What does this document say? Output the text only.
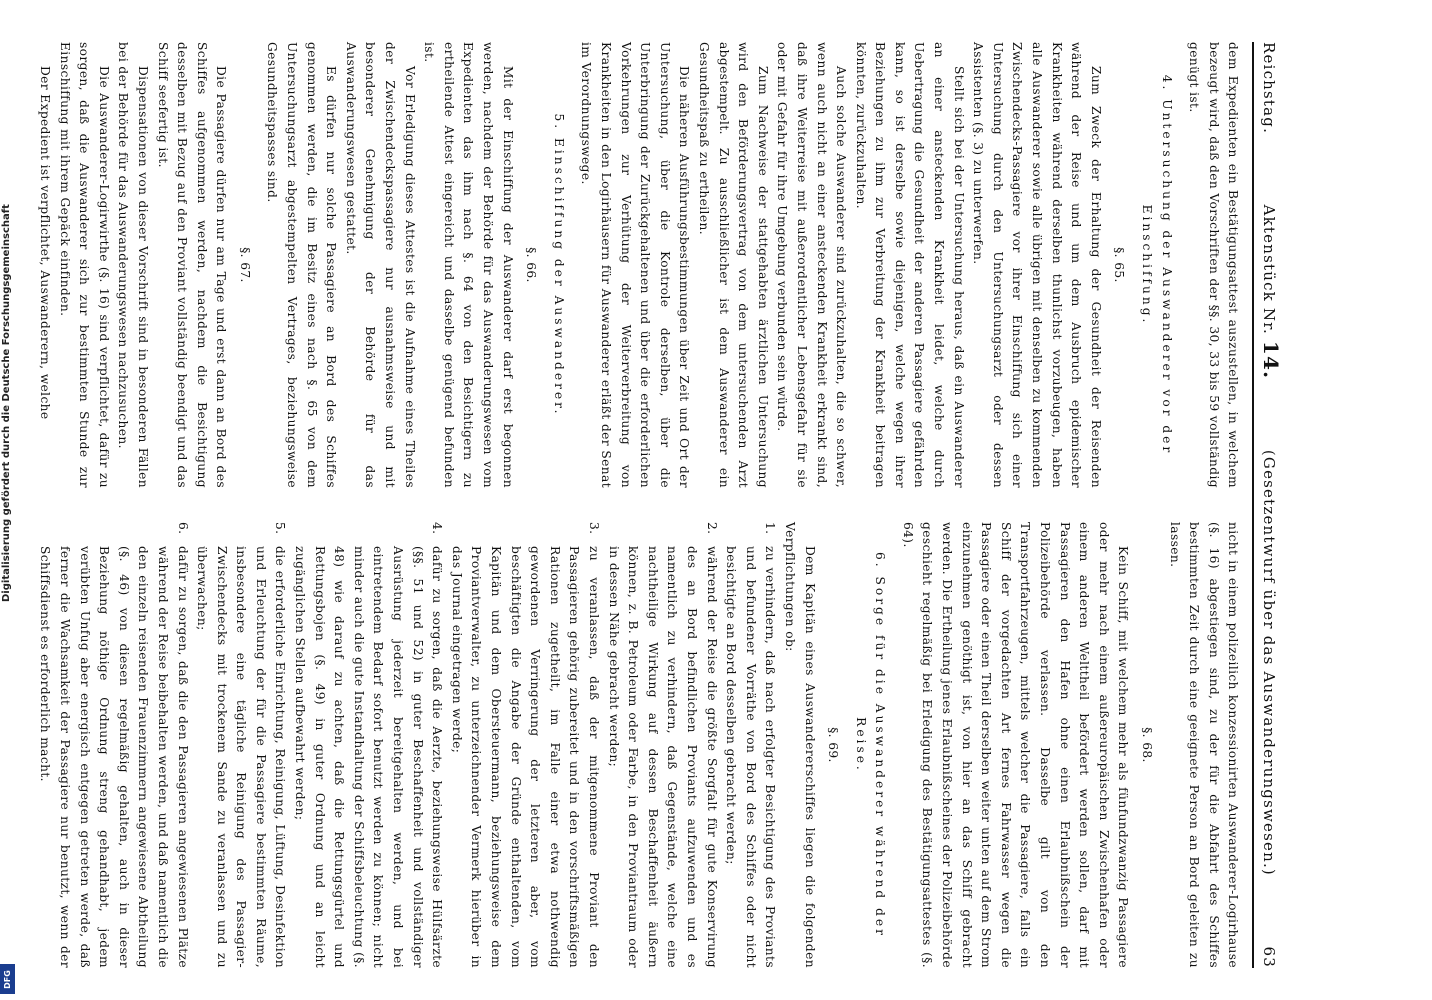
Reichstag.
Aktenstück Nr. 14.
(Gesetzentwurf über das Auswanderungswesen.)
63

dem Expedienten ein Bestätigungsattest auszustellen, in welchem bezeugt wird, daß den Vorschriften der §§. 30, 33 bis 59 vollständig genügt ist.

4. Untersuchung der Auswanderer vor der Einschiffung.

§. 65.

Zum Zweck der Erhaltung der Gesundheit der Reisenden während der Reise und um dem Ausbruch epidemischer Krankheiten während derselben thunlichst vorzubeugen, haben alle Auswanderer sowie alle übrigen mit denselben zu kommenden Zwischendecks-Passagiere vor ihrer Einschiffung sich einer Untersuchung durch den Untersuchungsarzt oder dessen Assistenten (§. 3) zu unterwerfen.

Stellt sich bei der Untersuchung heraus, daß ein Auswanderer an einer ansteckenden Krankheit leidet, welche durch Uebertragung die Gesundheit der anderen Passagiere gefährden kann, so ist derselbe sowie diejenigen, welche wegen ihrer Beziehungen zu ihm zur Verbreitung der Krankheit beitragen könnten, zurückzuhalten.

Auch solche Auswanderer sind zurückzuhalten, die so schwer, wenn auch nicht an einer ansteckenden Krankheit erkrankt sind, daß ihre Weiterreise mit außerordentlicher Lebensgefahr für sie oder mit Gefahr für ihre Umgebung verbunden sein würde.

Zum Nachweise der stattgehabten ärztlichen Untersuchung wird den Beförderungsvertrag von dem untersuchenden Arzt abgestempelt. Zu ausschließlicher ist dem Auswanderer ein Gesundheitspaß zu ertheilen.

Die näheren Ausführungsbestimmungen über Zeit und Ort der Untersuchung, über die Kontrole derselben, über die Unterbringung der Zurückgehaltenen und über die erforderlichen Vorkehrungen zur Verhütung der Weiterverbreitung von Krankheiten in den Logirhäusern für Auswanderer erläßt der Senat im Verordnungswege.

5. Einschiffung der Auswanderer.

§. 66.

Mit der Einschiffung der Auswanderer darf erst begonnen werden, nachdem der Behörde für das Auswanderungswesen vom Expedienten das ihm nach §. 64 von den Besichtigern zu ertheilende Attest eingereicht und dasselbe genügend befunden ist.

Vor Erledigung dieses Attestes ist die Aufnahme eines Theiles der Zwischendeckspassagiere nur ausnahmsweise und mit besonderer Genehmigung der Behörde für das Auswanderungswesen gestattet.

Es dürfen nur solche Passagiere an Bord des Schiffes genommen werden, die im Besitz eines nach §. 65 von dem Untersuchungsarzt abgestempelten Vertrages, beziehungsweise Gesundheitspasses sind.

§. 67.

Die Passagiere dürfen nur am Tage und erst dann an Bord des Schiffes aufgenommen werden, nachdem die Besichtigung desselben mit Bezug auf den Proviant vollständig beendigt und das Schiff seefertig ist.

Dispensationen von dieser Vorschrift sind in besonderen Fällen bei der Behörde für das Auswanderungswesen nachzusuchen.

Die Auswanderer-Logirwirthe (§. 16) sind verpflichtet, dafür zu sorgen, daß die Auswanderer sich zur bestimmten Stunde zur Einschiffung mit ihrem Gepäck einfinden.

Der Expedient ist verpflichtet, Auswanderern, welche

nicht in einem polizeilich konzessionirten Auswanderer-Logirhause (§. 16) abgestiegen sind, zu der für die Abfahrt des Schiffes bestimmten Zeit durch eine geeignete Person an Bord geleiten zu lassen.

§. 68.

Kein Schiff, mit welchem mehr als fünfundzwanzig Passagiere oder mehr nach einem außereuropäischen Zwischenhafen oder einem anderen Welttheil befördert werden sollen, darf mit Passagieren den Hafen ohne einen Erlaubnißschein der Polizeibehörde verlassen. Dasselbe gilt von den Transportfahrzeugen, mittels welcher die Passagiere, falls ein Schiff der vorgedachten Art fernes Fahrwasser wegen die Passagiere oder einen Theil derselben weiter unten auf dem Strom einzunehmen genöthigt ist, von hier an das Schiff gebracht werden. Die Ertheilung jenes Erlaubnißscheines der Polizeibehörde geschieht regelmäßig bei Erledigung des Bestätigungsattestes (§. 64).

6. Sorge für die Auswanderer während der Reise.

§. 69.

Dem Kapitän eines Auswandererschiffes liegen die folgenden Verpflichtungen ob:

1.
zu verhindern, daß nach erfolgter Besichtigung des Proviants und befundener Vorräthe von Bord des Schiffes oder nicht besichtigte an Bord desselben gebracht werden;
2.
während der Reise die größte Sorgfalt für gute Konservirung des an Bord befindlichen Proviants aufzuwenden und es namentlich zu verhindern, daß Gegenstände, welche eine nachtheilige Wirkung auf dessen Beschaffenheit äußern können, z. B. Petroleum oder Farbe, in den Proviantraum oder in dessen Nähe gebracht werden;
3.
zu veranlassen, daß der mitgenommene Proviant den Passagieren gehörig zubereitet und in den vorschriftsmäßigen Rationen zugetheilt, im Falle einer etwa nothwendig gewordenen Verringerung der letzteren aber, vom beschäftigten die Angabe der Gründe enthaltenden, vom Kapitän und dem Obersteuermann, beziehungsweise dem Proviantverwalter, zu unterzeichnender Vermerk hierüber in das Journal eingetragen werde;
4.
dafür zu sorgen, daß die Aerzte, beziehungsweise Hülfsärzte (§§. 51 und 52) in guter Beschaffenheit und vollständiger Ausrüstung jederzeit bereitgehalten werden, und bei eintretendem Bedarf sofort benutzt werden zu können; nicht minder auch die gute Instandhaltung der Schiffsbeleuchtung (§. 48) wie darauf zu achten, daß die Rettungsgürtel und Rettungsbojen (§. 49) in guter Ordnung und an leicht zugänglichen Stellen aufbewahrt werden;
5.
die erforderliche Einrichtung, Reinigung, Lüftung, Desinfektion und Erleuchtung der für die Passagiere bestimmten Räume, insbesondere eine tägliche Reinigung des Passagier-Zwischendecks mit trockenem Sande zu veranlassen und zu überwachen;
6.
dafür zu sorgen, daß die den Passagieren angewiesenen Plätze während der Reise beibehalten werden, und daß namentlich die den einzeln reisenden Frauenzimmern angewiesene Abtheilung (§. 46) von diesen regelmäßig gehalten, auch in dieser Beziehung nöthige Ordnung streng gehandhabt, jedem verübten Unfug aber energisch entgegen getreten werde, daß ferner die Wachsamkeit der Passagiere nur benutzt, wenn der Schiffsdienst es erforderlich macht.
Digitalisierung gefördert durch die Deutsche Forschungsgemeinschaft
DFG
